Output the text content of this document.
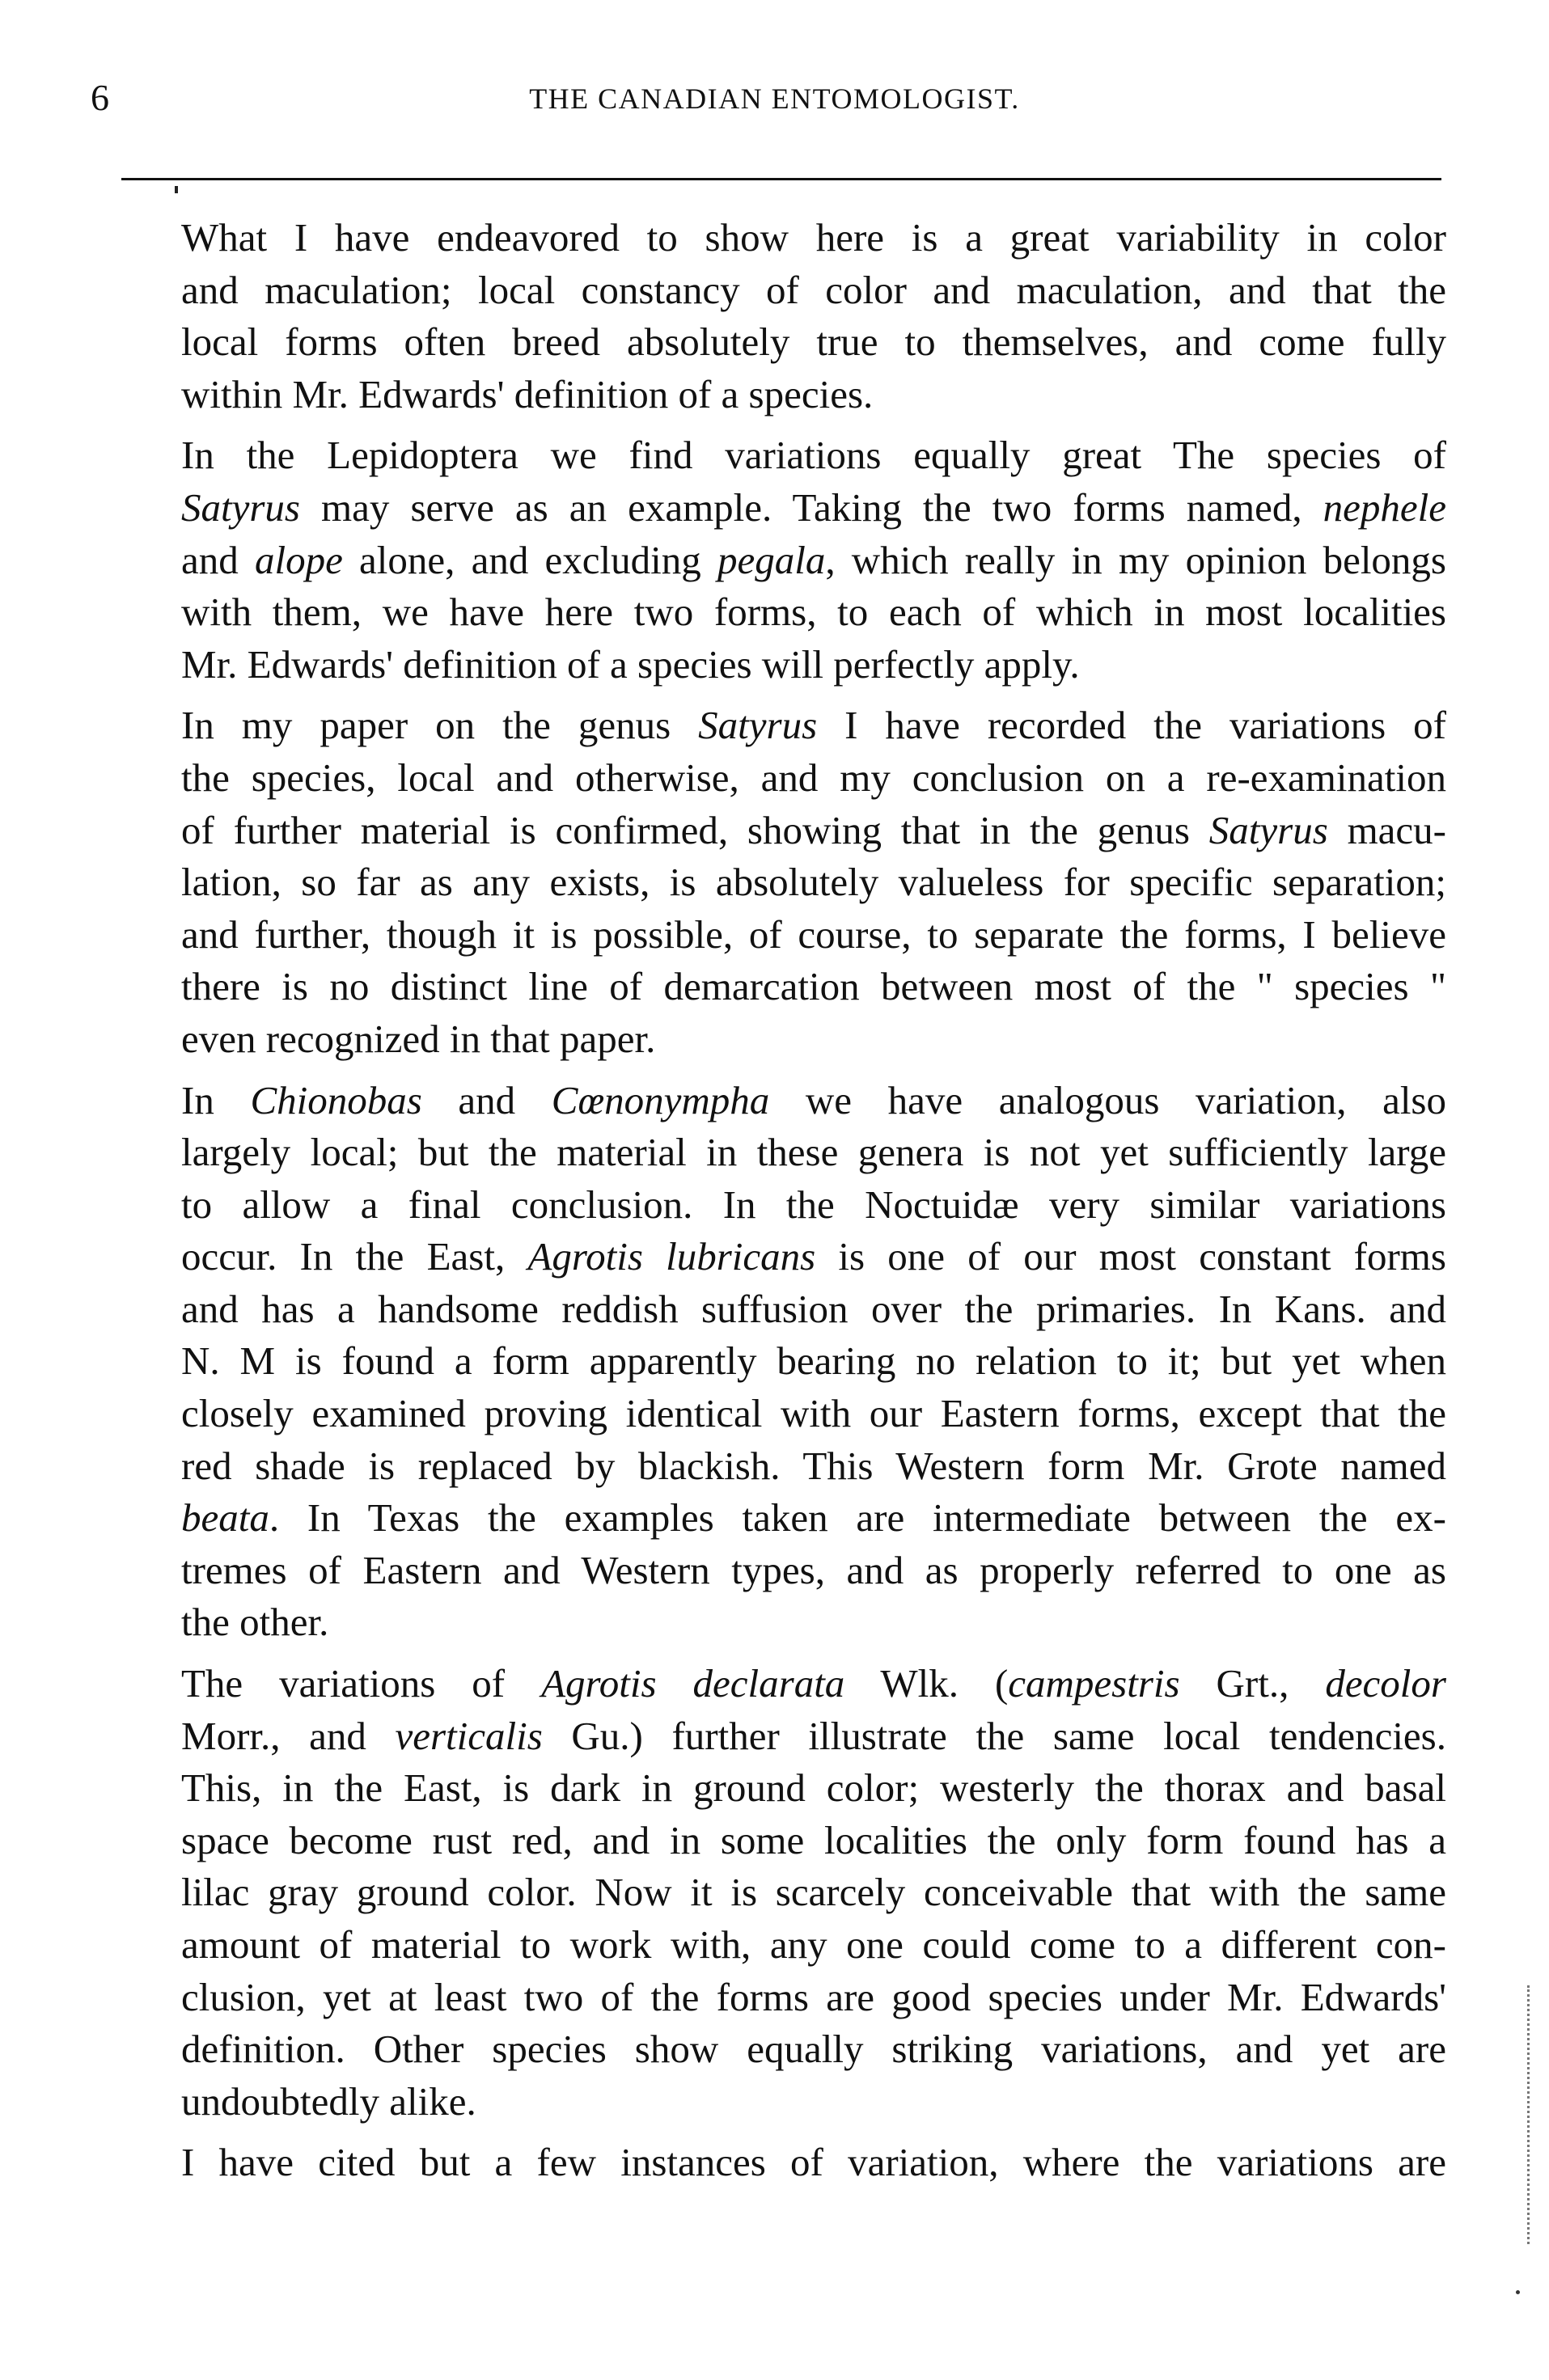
6	THE CANADIAN ENTOMOLOGIST.

What I have endeavored to show here is a great variability in color
and maculation; local constancy of color and maculation, and that the
local forms often breed absolutely true to themselves, and come fully
within Mr. Edwards' definition of a species.

In the Lepidoptera we find variations equally great The species of
Satyrus may serve as an example. Taking the two forms named, nephele
and alope alone, and excluding pegala, which really in my opinion belongs
with them, we have here two forms, to each of which in most localities
Mr. Edwards' definition of a species will perfectly apply.

In my paper on the genus Satyrus I have recorded the variations of
the species, local and otherwise, and my conclusion on a re-examination
of further material is confirmed, showing that in the genus Satyrus macu-
lation, so far as any exists, is absolutely valueless for specific separation;
and further, though it is possible, of course, to separate the forms, I believe
there is no distinct line of demarcation between most of the " species "
even recognized in that paper.

In Chionobas and Cœnonympha we have analogous variation, also
largely local; but the material in these genera is not yet sufficiently large
to allow a final conclusion. In the Noctuidæ very similar variations
occur. In the East, Agrotis lubricans is one of our most constant forms
and has a handsome reddish suffusion over the primaries. In Kans. and
N. M is found a form apparently bearing no relation to it; but yet when
closely examined proving identical with our Eastern forms, except that the
red shade is replaced by blackish. This Western form Mr. Grote named
beata. In Texas the examples taken are intermediate between the ex-
tremes of Eastern and Western types, and as properly referred to one as
the other.

The variations of Agrotis declarata Wlk. (campestris Grt., decolor
Morr., and verticalis Gu.) further illustrate the same local tendencies.
This, in the East, is dark in ground color; westerly the thorax and basal
space become rust red, and in some localities the only form found has a
lilac gray ground color. Now it is scarcely conceivable that with the same
amount of material to work with, any one could come to a different con-
clusion, yet at least two of the forms are good species under Mr. Edwards'
definition. Other species show equally striking variations, and yet are
undoubtedly alike.

I have cited but a few instances of variation, where the variations are
